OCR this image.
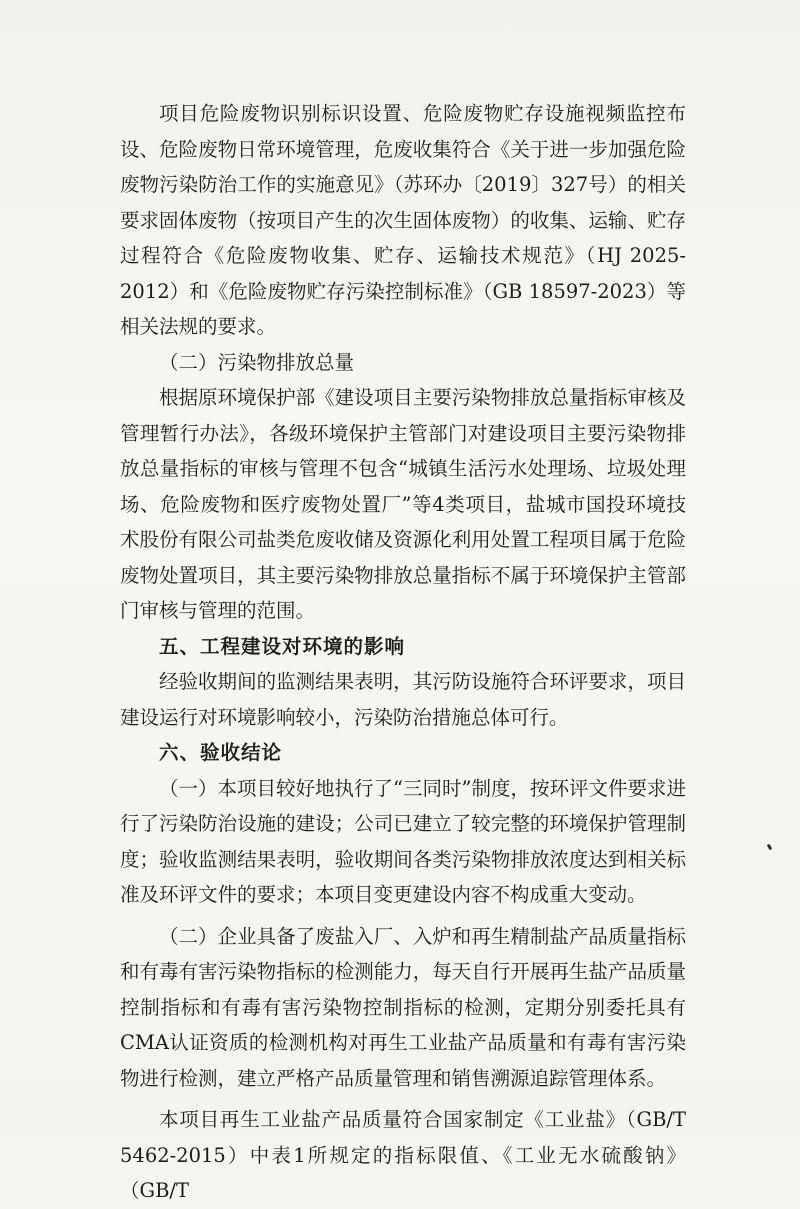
项目危险废物识别标识设置、危险废物贮存设施视频监控布设、危险废物日常环境管理，危废收集符合《关于进一步加强危险废物污染防治工作的实施意见》（苏环办〔2019〕327号）的相关要求固体废物（按项目产生的次生固体废物）的收集、运输、贮存过程符合《危险废物收集、贮存、运输技术规范》（HJ 2025-2012）和《危险废物贮存污染控制标准》（GB 18597-2023）等相关法规的要求。

（二）污染物排放总量

根据原环境保护部《建设项目主要污染物排放总量指标审核及管理暂行办法》，各级环境保护主管部门对建设项目主要污染物排放总量指标的审核与管理不包含“城镇生活污水处理场、垃圾处理场、危险废物和医疗废物处置厂”等4类项目，盐城市国投环境技术股份有限公司盐类危废收储及资源化利用处置工程项目属于危险废物处置项目，其主要污染物排放总量指标不属于环境保护主管部门审核与管理的范围。

五、工程建设对环境的影响

经验收期间的监测结果表明，其污防设施符合环评要求，项目建设运行对环境影响较小，污染防治措施总体可行。

六、验收结论

（一）本项目较好地执行了“三同时”制度，按环评文件要求进行了污染防治设施的建设；公司已建立了较完整的环境保护管理制度；验收监测结果表明，验收期间各类污染物排放浓度达到相关标准及环评文件的要求；本项目变更建设内容不构成重大变动。

（二）企业具备了废盐入厂、入炉和再生精制盐产品质量指标和有毒有害污染物指标的检测能力，每天自行开展再生盐产品质量控制指标和有毒有害污染物控制指标的检测，定期分别委托具有CMA认证资质的检测机构对再生工业盐产品质量和有毒有害污染物进行检测，建立严格产品质量管理和销售溯源追踪管理体系。

本项目再生工业盐产品质量符合国家制定《工业盐》（GB/T 5462-2015）中表1所规定的指标限值、《工业无水硫酸钠》（GB/T
